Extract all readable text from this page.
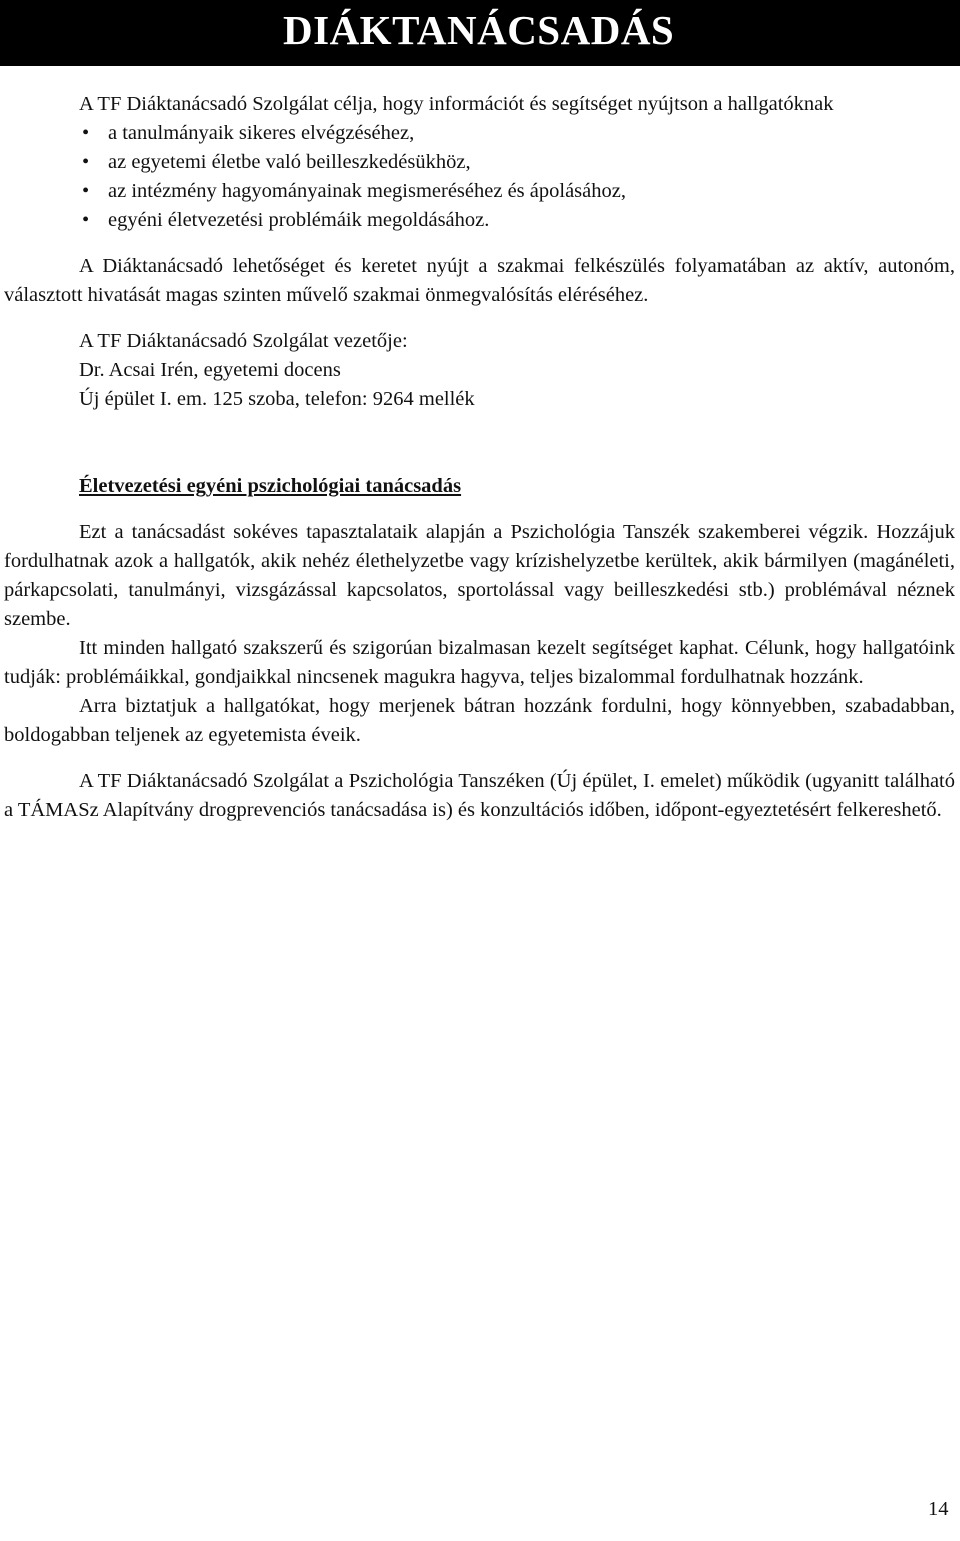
DIÁKTANÁCSADÁS

A TF Diáktanácsadó Szolgálat célja, hogy információt és segítséget nyújtson a hallgatóknak

• a tanulmányaik sikeres elvégzéséhez,
• az egyetemi életbe való beilleszkedésükhöz,
• az intézmény hagyományainak megismeréséhez és ápolásához,
• egyéni életvezetési problémáik megoldásához.

A Diáktanácsadó lehetőséget és keretet nyújt a szakmai felkészülés folyamatában az aktív, autonóm, választott hivatását magas szinten művelő szakmai önmegvalósítás eléréséhez.

A TF Diáktanácsadó Szolgálat vezetője:
Dr. Acsai Irén, egyetemi docens
Új épület I. em. 125 szoba, telefon: 9264 mellék
Életvezetési egyéni pszichológiai tanácsadás

Ezt a tanácsadást sokéves tapasztalataik alapján a Pszichológia Tanszék szakemberei végzik. Hozzájuk fordulhatnak azok a hallgatók, akik nehéz élethelyzetbe vagy krízishelyzetbe kerültek, akik bármilyen (magánéleti, párkapcsolati, tanulmányi, vizsgázással kapcsolatos, sportolással vagy beilleszkedési stb.) problémával néznek szembe.

Itt minden hallgató szakszerű és szigorúan bizalmasan kezelt segítséget kaphat. Célunk, hogy hallgatóink tudják: problémáikkal, gondjaikkal nincsenek magukra hagyva, teljes bizalommal fordulhatnak hozzánk.

Arra biztatjuk a hallgatókat, hogy merjenek bátran hozzánk fordulni, hogy könnyebben, szabadabban, boldogabban teljenek az egyetemista éveik.

A TF Diáktanácsadó Szolgálat a Pszichológia Tanszéken (Új épület, I. emelet) működik (ugyanitt található a TÁMASz Alapítvány drogprevenciós tanácsadása is) és konzultációs időben, időpont-egyeztetésért felkereshető.

14
